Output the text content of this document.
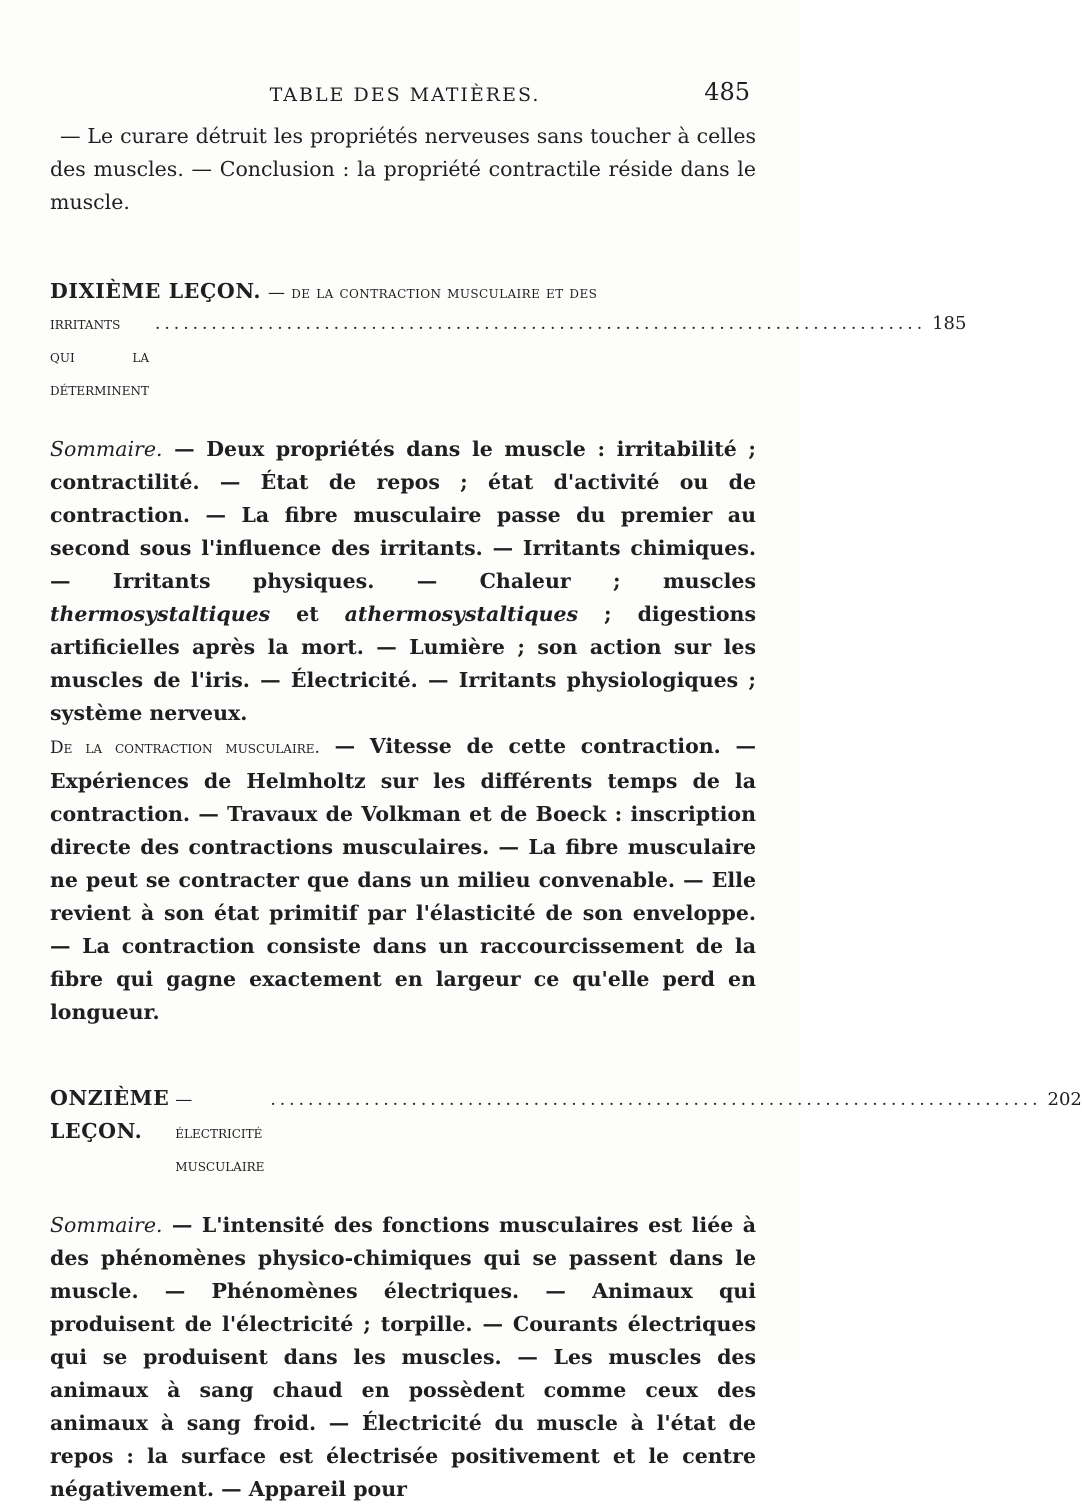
TABLE DES MATIÈRES.	485

— Le curare détruit les propriétés nerveuses sans toucher à celles des muscles. — Conclusion : la propriété contractile réside dans le muscle.

DIXIÈME LEÇON. — de la contraction musculaire et des

irritants qui la déterminent
.................................................................................. 185

Sommaire. — Deux propriétés dans le muscle : irritabilité ; contractilité. — État de repos ; état d'activité ou de contraction. — La fibre musculaire passe du premier au second sous l'influence des irritants. — Irritants chimiques. — Irritants physiques. — Chaleur ; muscles thermosystaltiques et athermosystaltiques ; digestions artificielles après la mort. — Lumière ; son action sur les muscles de l'iris. — Électricité. — Irritants physiologiques ; système nerveux.

De la contraction musculaire. — Vitesse de cette contraction. — Expériences de Helmholtz sur les différents temps de la contraction. — Travaux de Volkman et de Boeck : inscription directe des contractions musculaires. — La fibre musculaire ne peut se contracter que dans un milieu convenable. — Elle revient à son état primitif par l'élasticité de son enveloppe. — La contraction consiste dans un raccourcissement de la fibre qui gagne exactement en largeur ce qu'elle perd en longueur.

ONZIÈME LEÇON.
— électricité musculaire
.................................................................................. 202

Sommaire. — L'intensité des fonctions musculaires est liée à des phénomènes physico-chimiques qui se passent dans le muscle. — Phénomènes électriques. — Animaux qui produisent de l'électricité ; torpille. — Courants électriques qui se produisent dans les muscles. — Les muscles des animaux à sang chaud en possèdent comme ceux des animaux à sang froid. — Électricité du muscle à l'état de repos : la surface est électrisée positivement et le centre négativement. — Appareil pour
